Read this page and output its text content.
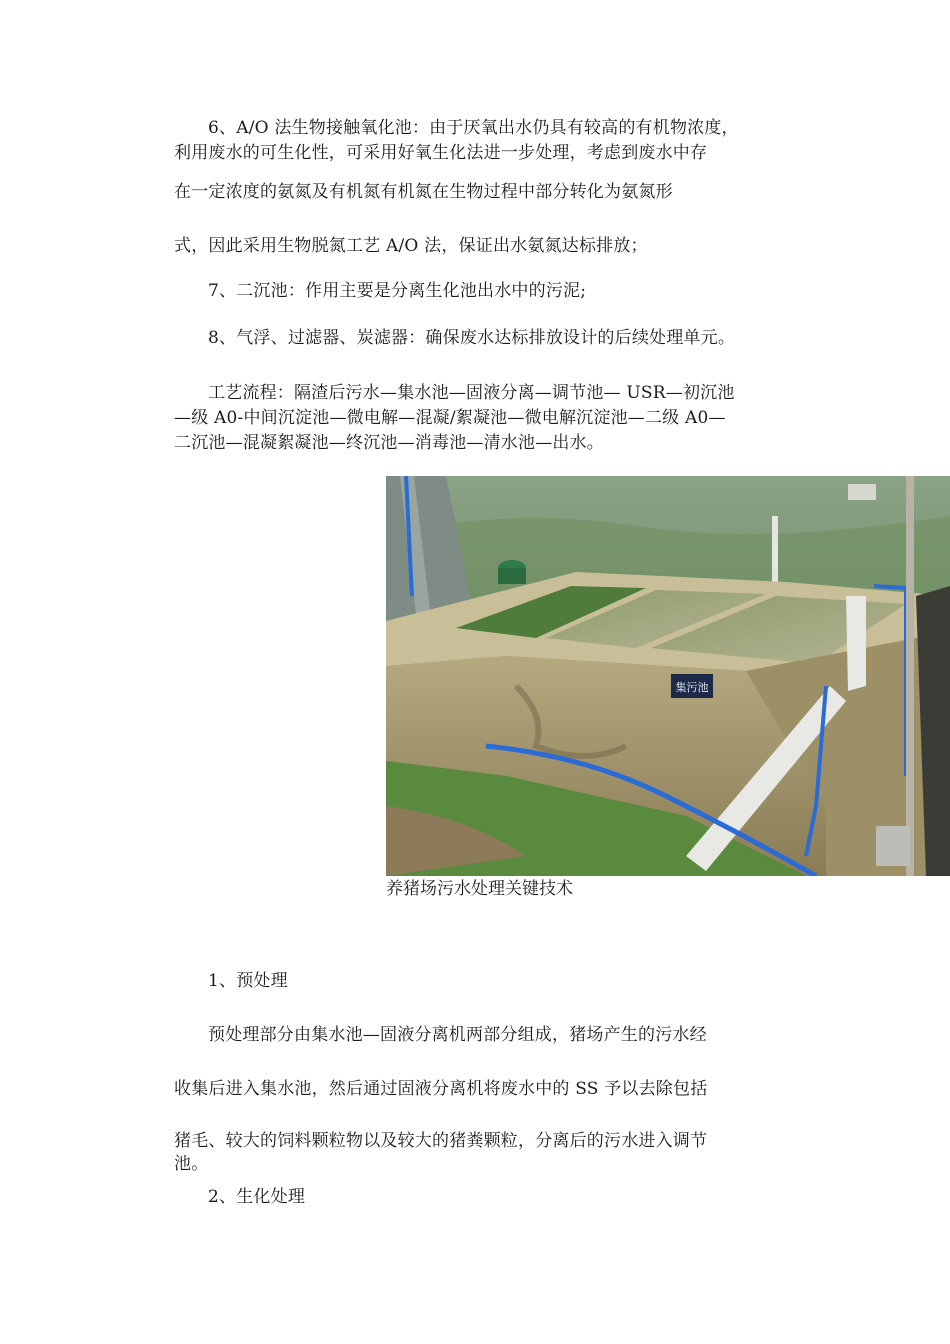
6、A/O 法生物接触氧化池：由于厌氧出水仍具有较高的有机物浓度，

利用废水的可生化性，可采用好氧生化法进一步处理，考虑到废水中存

在一定浓度的氨氮及有机氮有机氮在生物过程中部分转化为氨氮形

式，因此采用生物脱氮工艺 A/O 法，保证出水氨氮达标排放；

7、二沉池：作用主要是分离生化池出水中的污泥;

8、气浮、过滤器、炭滤器：确保废水达标排放设计的后续处理单元。

工艺流程：隔渣后污水—集水池—固液分离—调节池— USR—初沉池

—级 A0-中间沉淀池—微电解—混凝/絮凝池—微电解沉淀池—二级 A0—

二沉池—混凝絮凝池—终沉池—消毒池—清水池—出水。

集污池

养猪场污水处理关键技术

1、预处理

预处理部分由集水池—固液分离机两部分组成，猪场产生的污水经

收集后进入集水池，然后通过固液分离机将废水中的 SS 予以去除包括

猪毛、较大的饲料颗粒物以及较大的猪粪颗粒，分离后的污水进入调节

池。

2、生化处理
